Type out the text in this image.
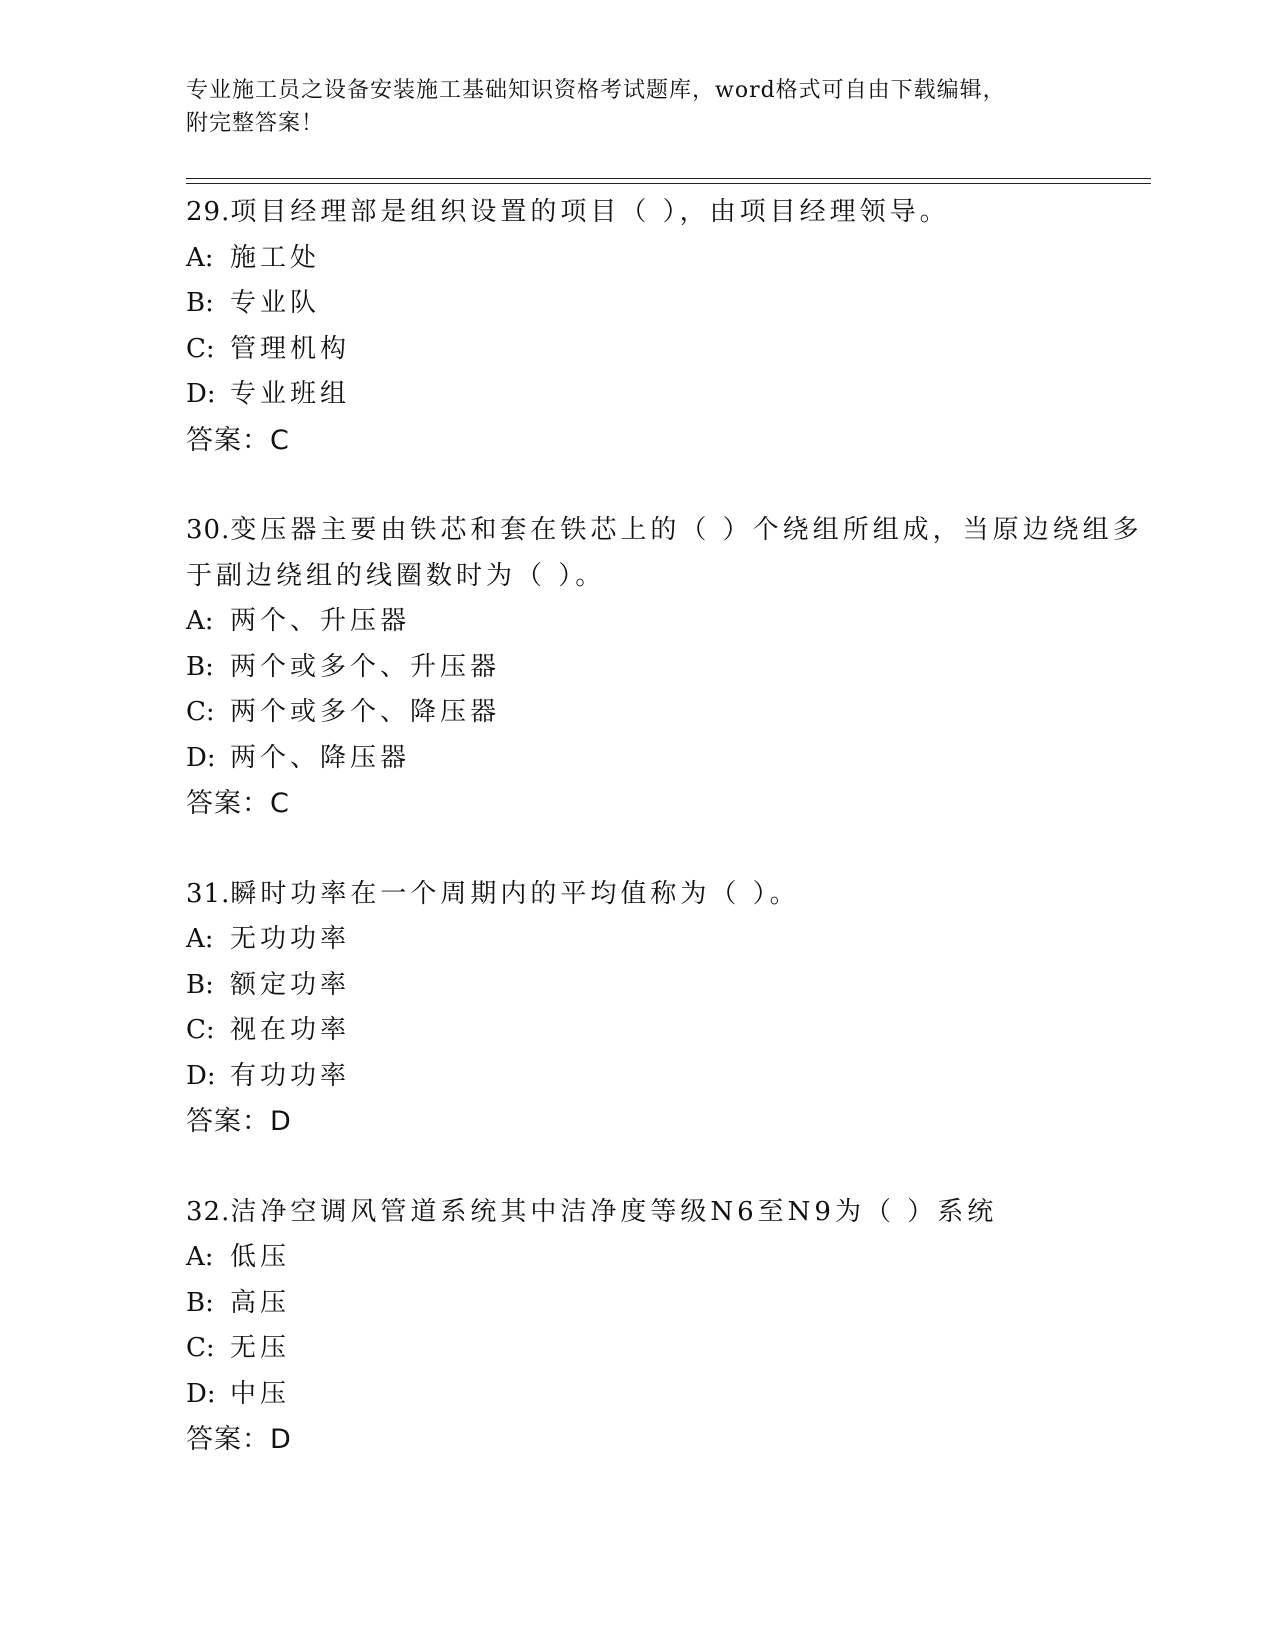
专业施工员之设备安装施工基础知识资格考试题库，word格式可自由下载编辑，
附完整答案！

29.项目经理部是组织设置的项目（ ），由项目经理领导。

A: 施工处
B: 专业队
C: 管理机构
D: 专业班组

答案：C

30.变压器主要由铁芯和套在铁芯上的（ ）个绕组所组成，当原边绕组多于副边绕组的线圈数时为（ ）。

A: 两个、升压器
B: 两个或多个、升压器
C: 两个或多个、降压器
D: 两个、降压器

答案：C

31.瞬时功率在一个周期内的平均值称为（ ）。

A: 无功功率
B: 额定功率
C: 视在功率
D: 有功功率

答案：D

32.洁净空调风管道系统其中洁净度等级N6至N9为（ ）系统

A: 低压
B: 高压
C: 无压
D: 中压

答案：D
